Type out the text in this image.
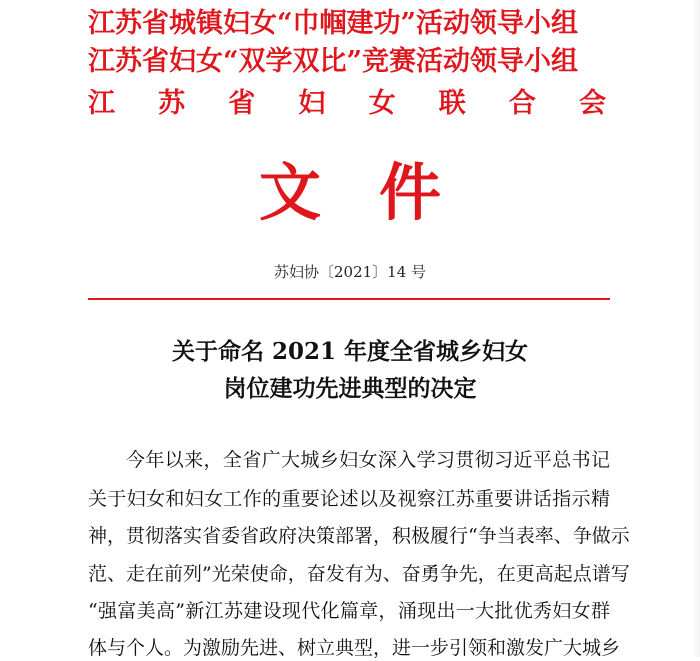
江苏省城镇妇女“巾帼建功”活动领导小组
江苏省妇女“双学双比”竞赛活动领导小组
江 苏 省 妇 女 联 合 会
文件
苏妇协〔2021〕14 号
关于命名 2021 年度全省城乡妇女
岗位建功先进典型的决定
今年以来，全省广大城乡妇女深入学习贯彻习近平总书记
关于妇女和妇女工作的重要论述以及视察江苏重要讲话指示精
神，贯彻落实省委省政府决策部署，积极履行“争当表率、争做示
范、走在前列”光荣使命，奋发有为、奋勇争先，在更高起点谱写
“强富美高”新江苏建设现代化篇章，涌现出一大批优秀妇女群
体与个人。为激励先进、树立典型，进一步引领和激发广大城乡
